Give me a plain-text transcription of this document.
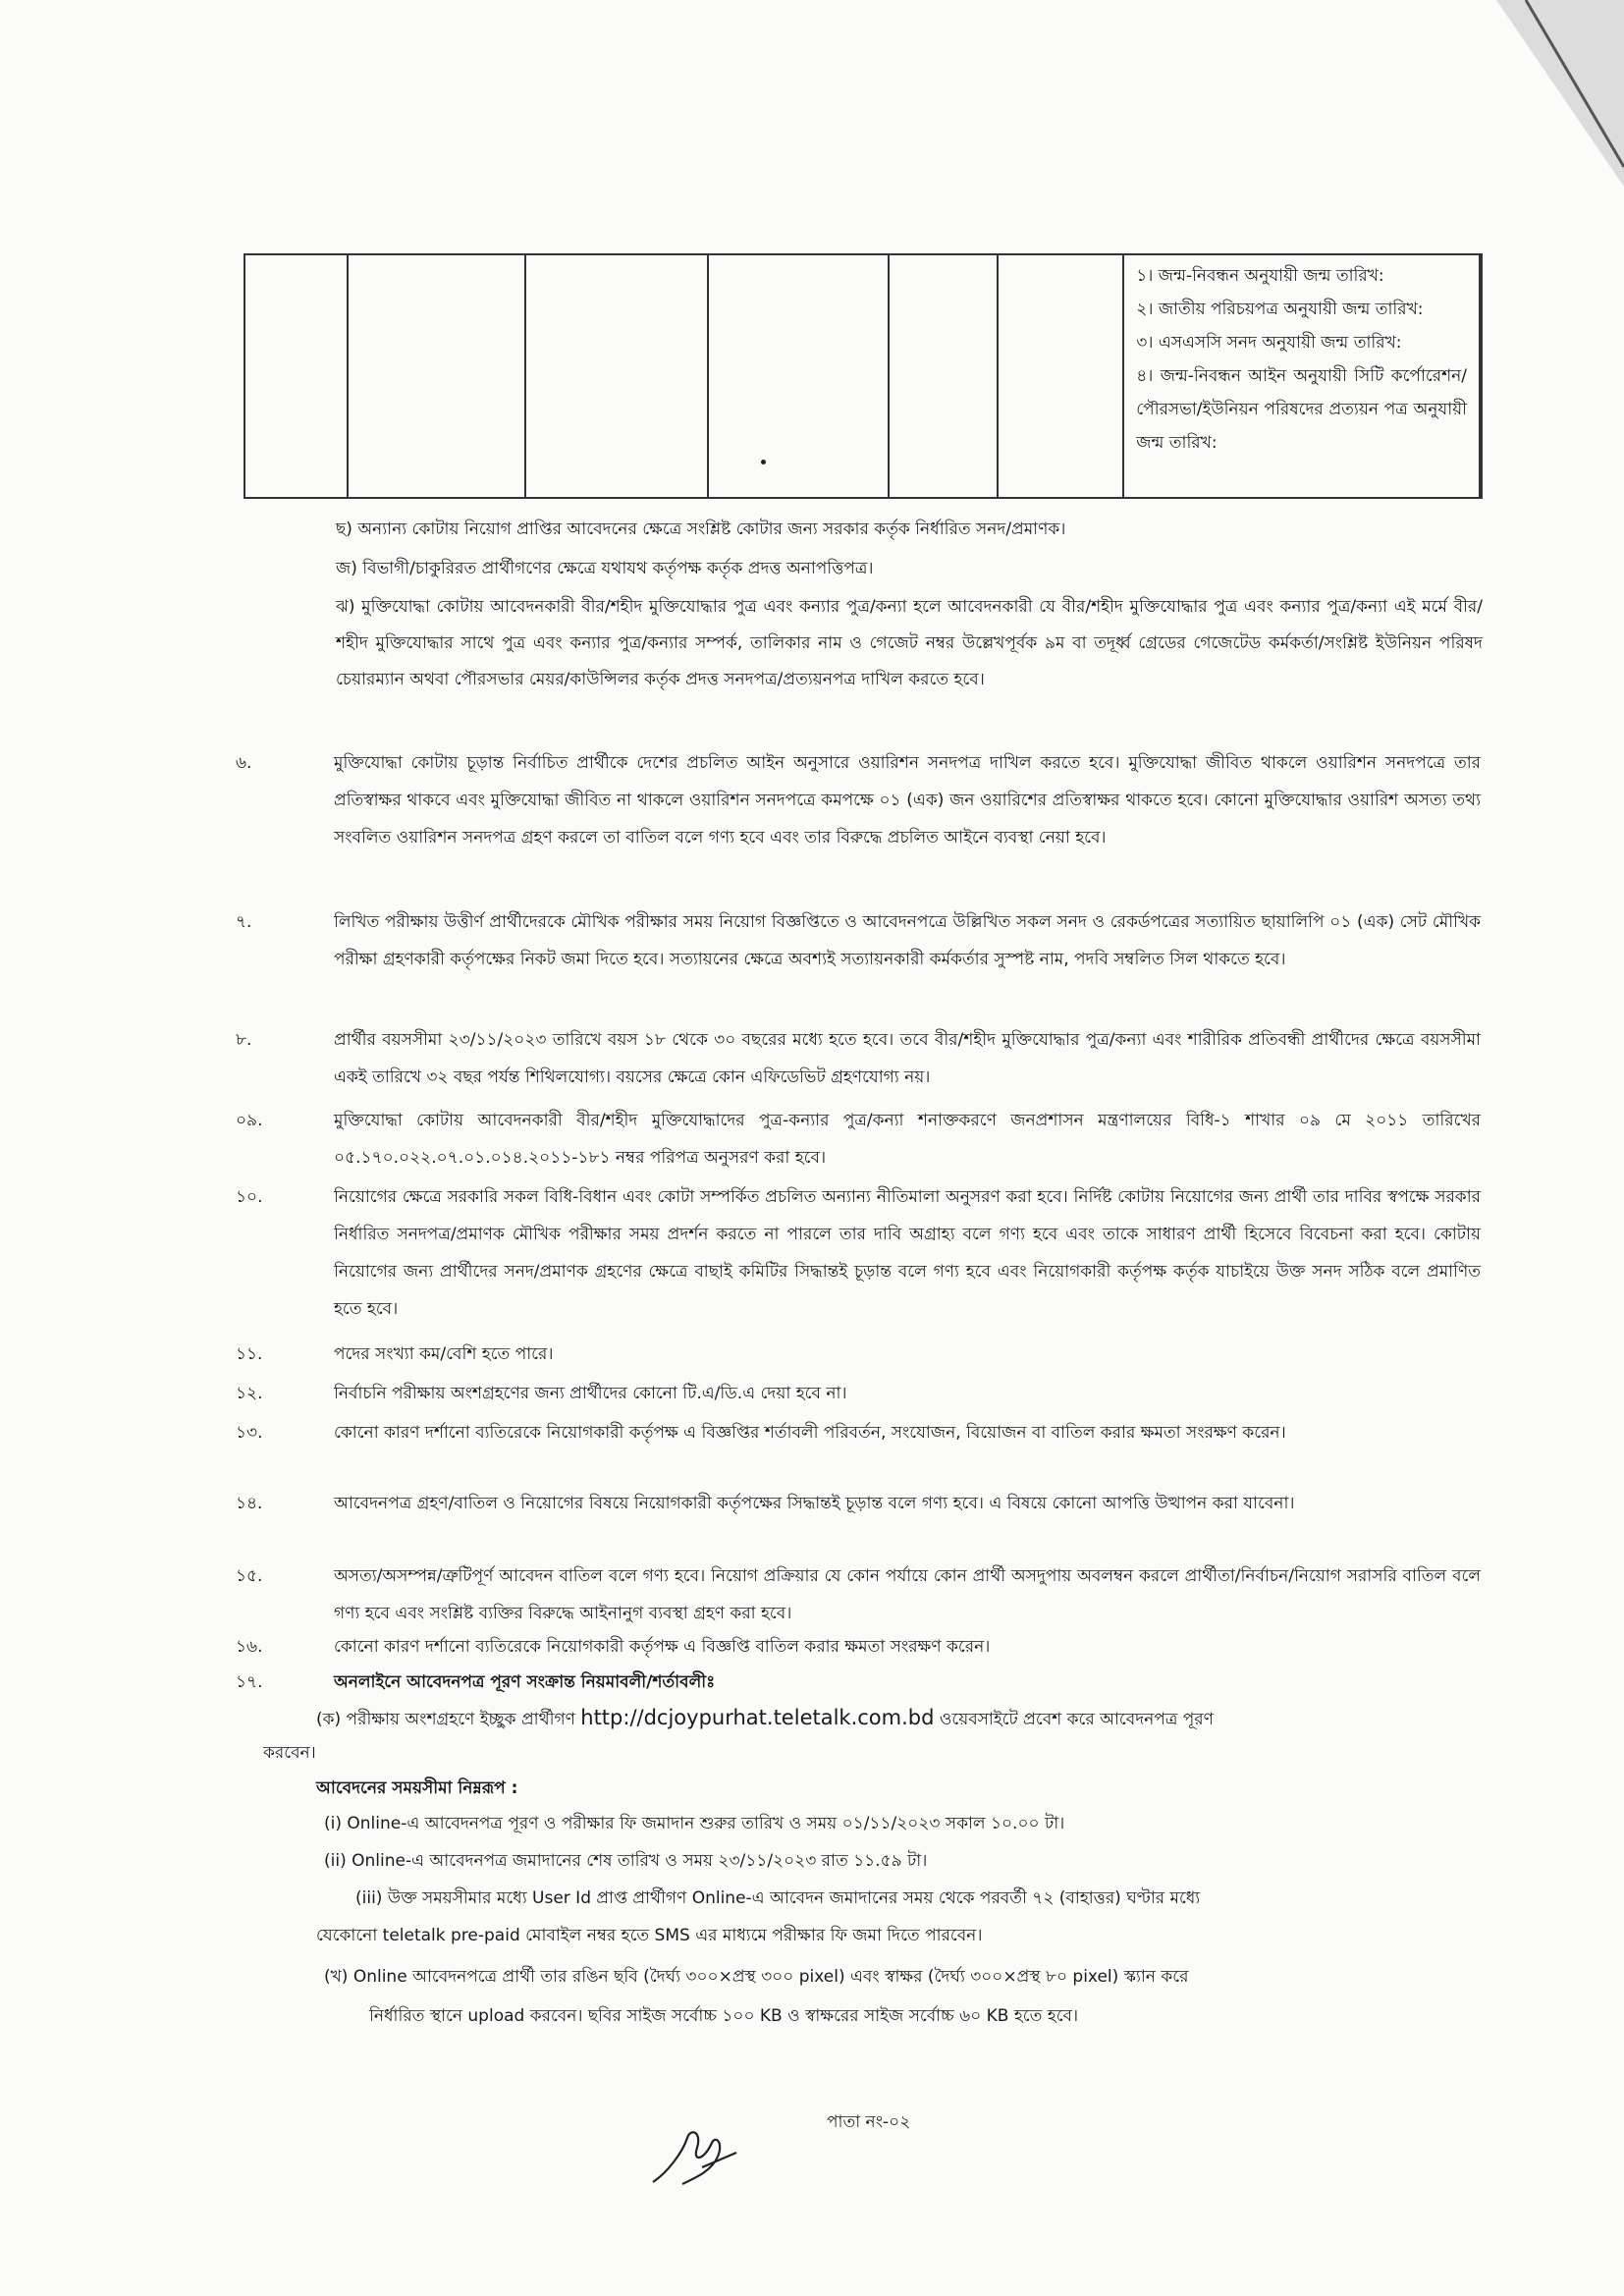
১। জন্ম-নিবন্ধন অনুযায়ী জন্ম তারিখ:

২। জাতীয় পরিচয়পত্র অনুযায়ী জন্ম তারিখ:

৩। এসএসসি সনদ অনুযায়ী জন্ম তারিখ:

৪। জন্ম-নিবন্ধন আইন অনুযায়ী সিটি কর্পোরেশন/পৌরসভা/ইউনিয়ন পরিষদের প্রত্যয়ন পত্র অনুযায়ী জন্ম তারিখ:

ছ) অন্যান্য কোটায় নিয়োগ প্রাপ্তির আবেদনের ক্ষেত্রে সংশ্লিষ্ট কোটার জন্য সরকার কর্তৃক নির্ধারিত সনদ/প্রমাণক।

জ) বিভাগী/চাকুরিরত প্রার্থীগণের ক্ষেত্রে যথাযথ কর্তৃপক্ষ কর্তৃক প্রদত্ত অনাপত্তিপত্র।

ঝ) মুক্তিযোদ্ধা কোটায় আবেদনকারী বীর/শহীদ মুক্তিযোদ্ধার পুত্র এবং কন্যার পুত্র/কন্যা হলে আবেদনকারী যে বীর/শহীদ মুক্তিযোদ্ধার পুত্র এবং কন্যার পুত্র/কন্যা এই মর্মে বীর/শহীদ মুক্তিযোদ্ধার সাথে পুত্র এবং কন্যার পুত্র/কন্যার সম্পর্ক, তালিকার নাম ও গেজেট নম্বর উল্লেখপূর্বক ৯ম বা তদূর্ধ্ব গ্রেডের গেজেটেড কর্মকর্তা/সংশ্লিষ্ট ইউনিয়ন পরিষদ চেয়ারম্যান অথবা পৌরসভার মেয়র/কাউন্সিলর কর্তৃক প্রদত্ত সনদপত্র/প্রত্যয়নপত্র দাখিল করতে হবে।

৬.	মুক্তিযোদ্ধা কোটায় চূড়ান্ত নির্বাচিত প্রার্থীকে দেশের প্রচলিত আইন অনুসারে ওয়ারিশন সনদপত্র দাখিল করতে হবে। মুক্তিযোদ্ধা জীবিত থাকলে ওয়ারিশন সনদপত্রে তার প্রতিস্বাক্ষর থাকবে এবং মুক্তিযোদ্ধা জীবিত না থাকলে ওয়ারিশন সনদপত্রে কমপক্ষে ০১ (এক) জন ওয়ারিশের প্রতিস্বাক্ষর থাকতে হবে। কোনো মুক্তিযোদ্ধার ওয়ারিশ অসত্য তথ্য সংবলিত ওয়ারিশন সনদপত্র গ্রহণ করলে তা বাতিল বলে গণ্য হবে এবং তার বিরুদ্ধে প্রচলিত আইনে ব্যবস্থা নেয়া হবে।
৭.	লিখিত পরীক্ষায় উত্তীর্ণ প্রার্থীদেরকে মৌখিক পরীক্ষার সময় নিয়োগ বিজ্ঞপ্তিতে ও আবেদনপত্রে উল্লিখিত সকল সনদ ও রেকর্ডপত্রের সত্যায়িত ছায়ালিপি ০১ (এক) সেট মৌখিক পরীক্ষা গ্রহণকারী কর্তৃপক্ষের নিকট জমা দিতে হবে। সত্যায়নের ক্ষেত্রে অবশ্যই সত্যায়নকারী কর্মকর্তার সুস্পষ্ট নাম, পদবি সম্বলিত সিল থাকতে হবে।
৮.	প্রার্থীর বয়সসীমা ২৩/১১/২০২৩ তারিখে বয়স ১৮ থেকে ৩০ বছরের মধ্যে হতে হবে। তবে বীর/শহীদ মুক্তিযোদ্ধার পুত্র/কন্যা এবং শারীরিক প্রতিবন্ধী প্রার্থীদের ক্ষেত্রে বয়সসীমা একই তারিখে ৩২ বছর পর্যন্ত শিথিলযোগ্য। বয়সের ক্ষেত্রে কোন এফিডেভিট গ্রহণযোগ্য নয়।
০৯.	মুক্তিযোদ্ধা কোটায় আবেদনকারী বীর/শহীদ মুক্তিযোদ্ধাদের পুত্র-কন্যার পুত্র/কন্যা শনাক্তকরণে জনপ্রশাসন মন্ত্রণালয়ের বিধি-১ শাখার ০৯ মে ২০১১ তারিখের ০৫.১৭০.০২২.০৭.০১.০১৪.২০১১-১৮১ নম্বর পরিপত্র অনুসরণ করা হবে।
১০.	নিয়োগের ক্ষেত্রে সরকারি সকল বিধি-বিধান এবং কোটা সম্পর্কিত প্রচলিত অন্যান্য নীতিমালা অনুসরণ করা হবে। নির্দিষ্ট কোটায় নিয়োগের জন্য প্রার্থী তার দাবির স্বপক্ষে সরকার নির্ধারিত সনদপত্র/প্রমাণক মৌখিক পরীক্ষার সময় প্রদর্শন করতে না পারলে তার দাবি অগ্রাহ্য বলে গণ্য হবে এবং তাকে সাধারণ প্রার্থী হিসেবে বিবেচনা করা হবে। কোটায় নিয়োগের জন্য প্রার্থীদের সনদ/প্রমাণক গ্রহণের ক্ষেত্রে বাছাই কমিটির সিদ্ধান্তই চূড়ান্ত বলে গণ্য হবে এবং নিয়োগকারী কর্তৃপক্ষ কর্তৃক যাচাইয়ে উক্ত সনদ সঠিক বলে প্রমাণিত হতে হবে।
১১.	পদের সংখ্যা কম/বেশি হতে পারে।
১২.	নির্বাচনি পরীক্ষায় অংশগ্রহণের জন্য প্রার্থীদের কোনো টি.এ/ডি.এ দেয়া হবে না।
১৩.	কোনো কারণ দর্শানো ব্যতিরেকে নিয়োগকারী কর্তৃপক্ষ এ বিজ্ঞপ্তির শর্তাবলী পরিবর্তন, সংযোজন, বিয়োজন বা বাতিল করার ক্ষমতা সংরক্ষণ করেন।
১৪.	আবেদনপত্র গ্রহণ/বাতিল ও নিয়োগের বিষয়ে নিয়োগকারী কর্তৃপক্ষের সিদ্ধান্তই চূড়ান্ত বলে গণ্য হবে। এ বিষয়ে কোনো আপত্তি উত্থাপন করা যাবেনা।
১৫.	অসত্য/অসম্পন্ন/ত্রুটিপূর্ণ আবেদন বাতিল বলে গণ্য হবে। নিয়োগ প্রক্রিয়ার যে কোন পর্যায়ে কোন প্রার্থী অসদুপায় অবলম্বন করলে প্রার্থীতা/নির্বাচন/নিয়োগ সরাসরি বাতিল বলে গণ্য হবে এবং সংশ্লিষ্ট ব্যক্তির বিরুদ্ধে আইনানুগ ব্যবস্থা গ্রহণ করা হবে।
১৬.	কোনো কারণ দর্শানো ব্যতিরেকে নিয়োগকারী কর্তৃপক্ষ এ বিজ্ঞপ্তি বাতিল করার ক্ষমতা সংরক্ষণ করেন।
১৭.	অনলাইনে আবেদনপত্র পূরণ সংক্রান্ত নিয়মাবলী/শর্তাবলীঃ
(ক) পরীক্ষায় অংশগ্রহণে ইচ্ছুক প্রার্থীগণ http://dcjoypurhat.teletalk.com.bd ওয়েবসাইটে প্রবেশ করে আবেদনপত্র পূরণ
করবেন।
আবেদনের সময়সীমা নিম্নরূপ :
(i) Online-এ আবেদনপত্র পূরণ ও পরীক্ষার ফি জমাদান শুরুর তারিখ ও সময় ০১/১১/২০২৩ সকাল ১০.০০ টা।
(ii) Online-এ আবেদনপত্র জমাদানের শেষ তারিখ ও সময় ২৩/১১/২০২৩ রাত ১১.৫৯ টা।
(iii) উক্ত সময়সীমার মধ্যে User Id প্রাপ্ত প্রার্থীগণ Online-এ আবেদন জমাদানের সময় থেকে পরবর্তী ৭২ (বাহাত্তর) ঘণ্টার মধ্যে
যেকোনো teletalk pre-paid মোবাইল নম্বর হতে SMS এর মাধ্যমে পরীক্ষার ফি জমা দিতে পারবেন।
(খ) Online আবেদনপত্রে প্রার্থী তার রঙিন ছবি (দৈর্ঘ্য ৩০০×প্রস্থ ৩০০ pixel) এবং স্বাক্ষর (দৈর্ঘ্য ৩০০×প্রস্থ ৮০ pixel) স্ক্যান করে
নির্ধারিত স্থানে upload করবেন। ছবির সাইজ সর্বোচ্চ ১০০ KB ও স্বাক্ষরের সাইজ সর্বোচ্চ ৬০ KB হতে হবে।
পাতা নং-০২
